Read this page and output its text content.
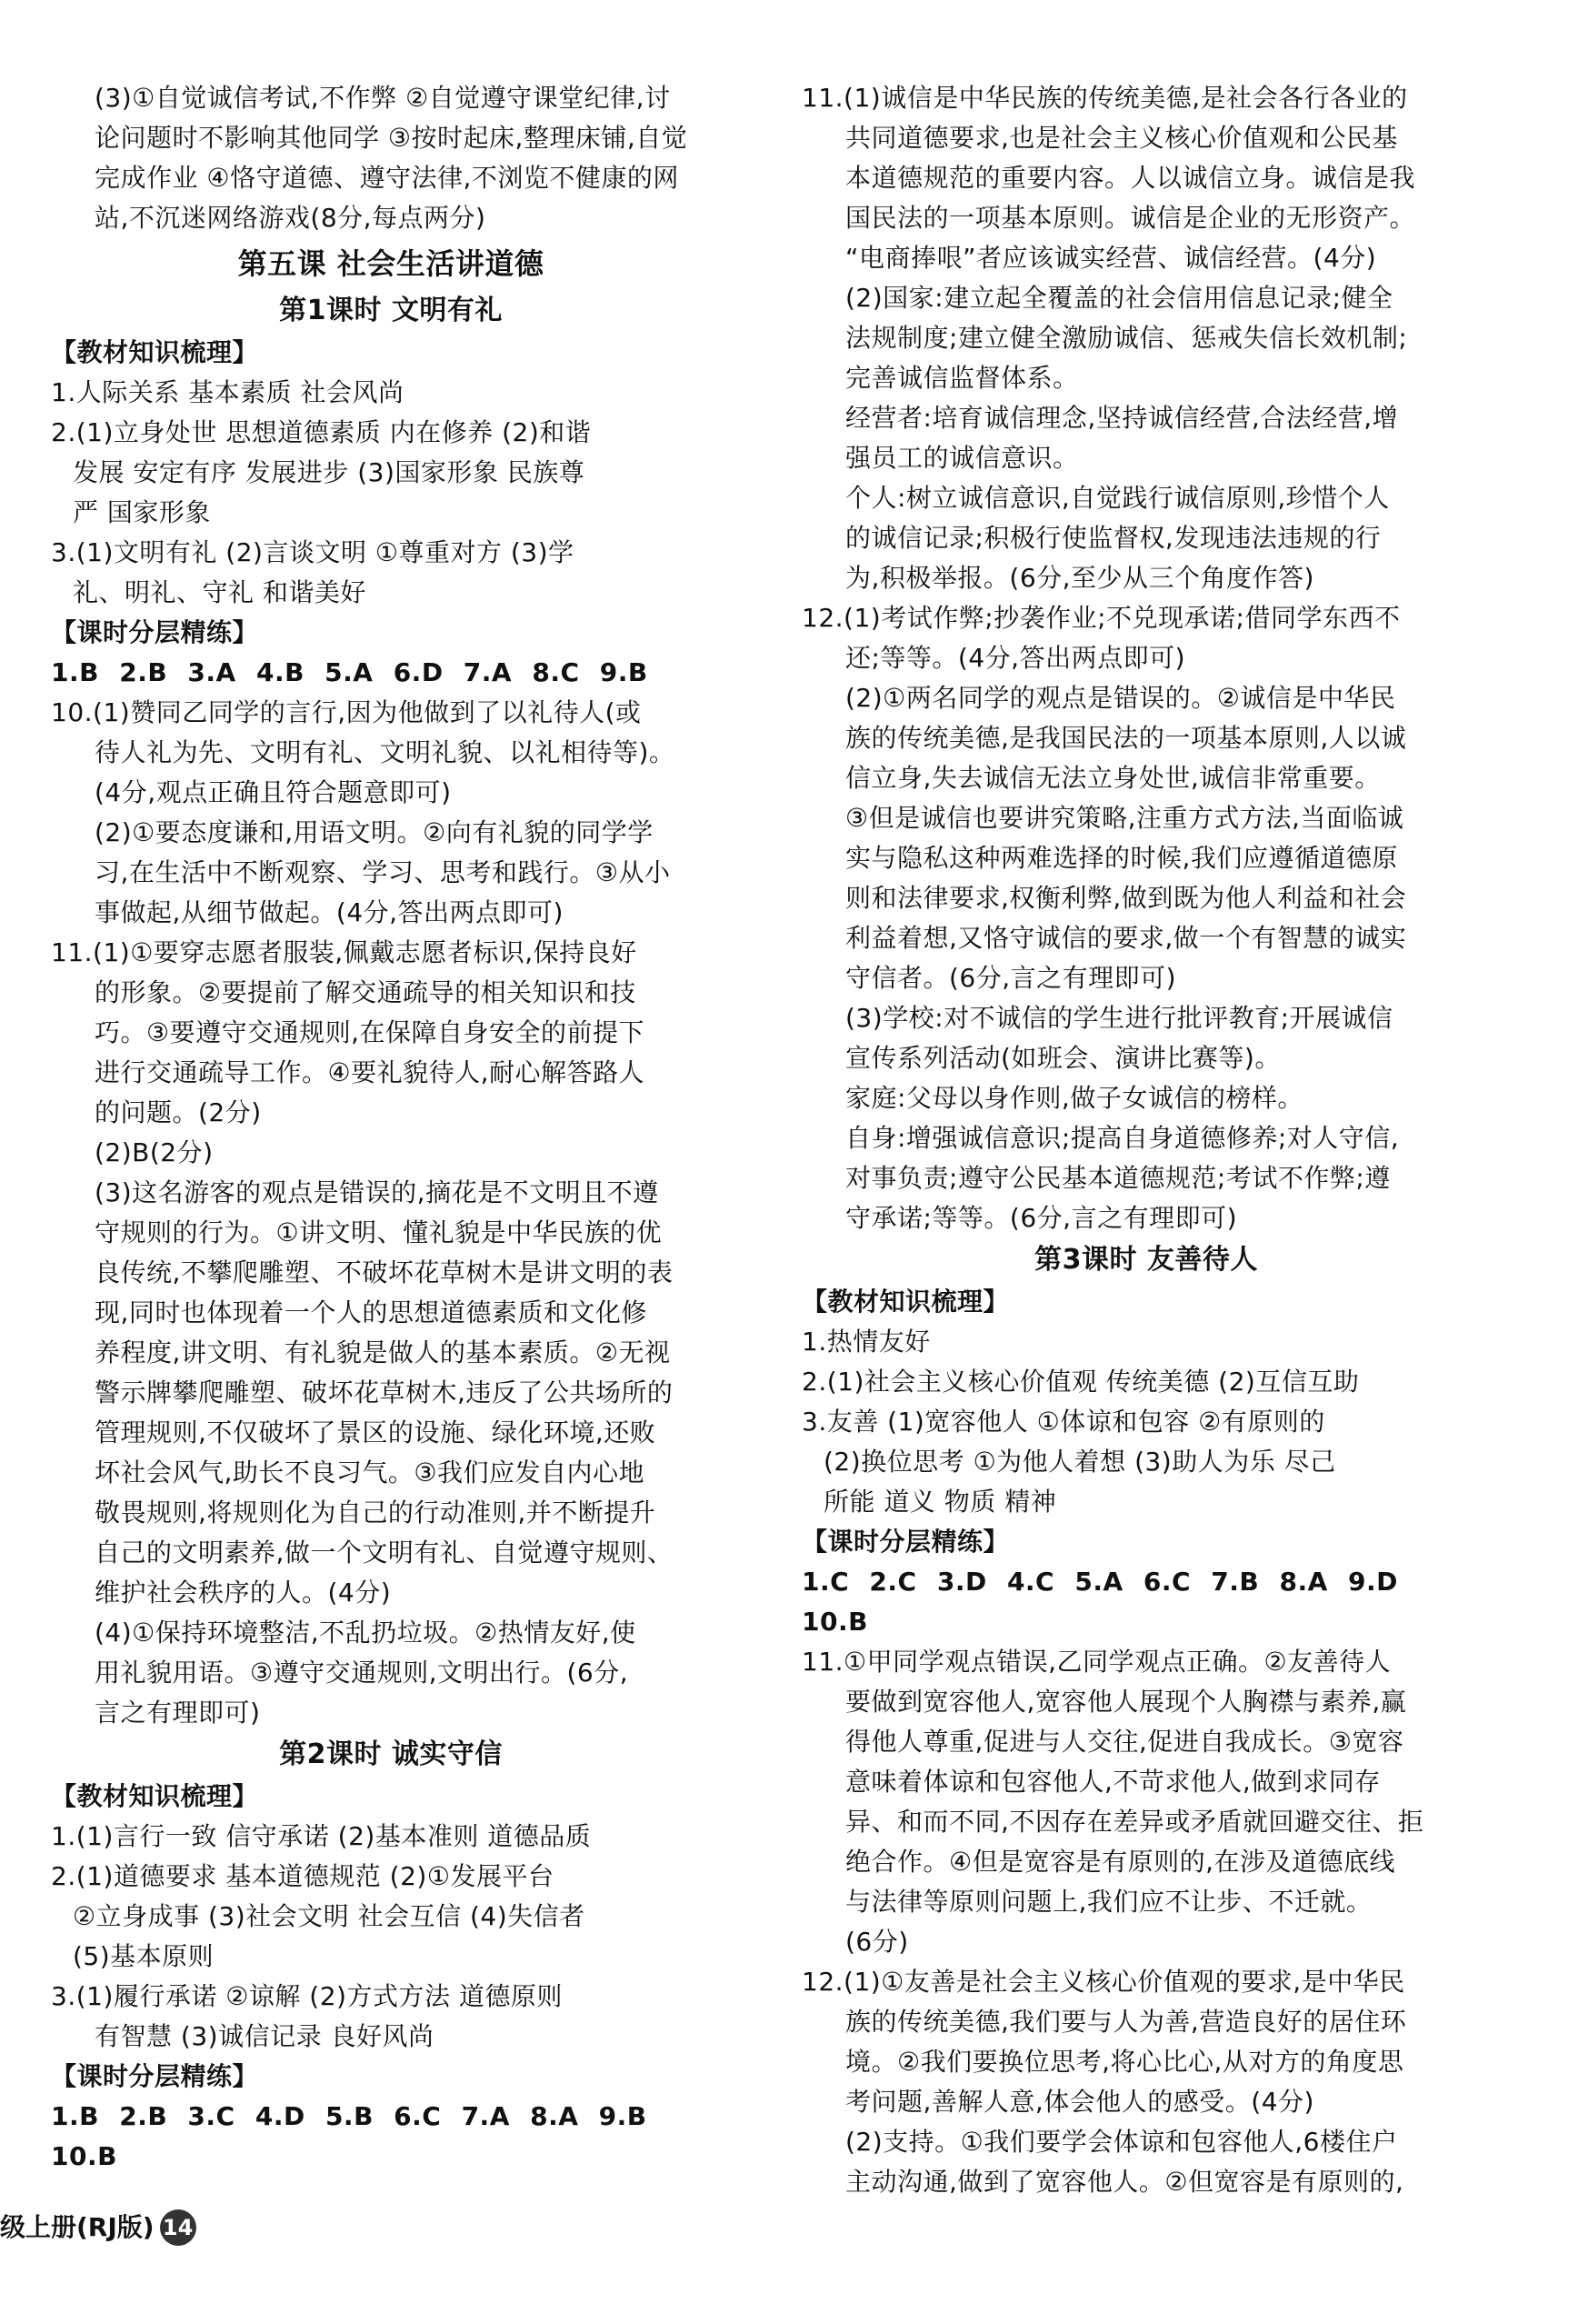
(3)①自觉诚信考试,不作弊 ②自觉遵守课堂纪律,讨
论问题时不影响其他同学 ③按时起床,整理床铺,自觉
完成作业 ④恪守道德、遵守法律,不浏览不健康的网
站,不沉迷网络游戏(8分,每点两分)
第五课 社会生活讲道德
第1课时 文明有礼
【教材知识梳理】
1.人际关系 基本素质 社会风尚
2.(1)立身处世 思想道德素质 内在修养 (2)和谐
发展 安定有序 发展进步 (3)国家形象 民族尊
严 国家形象
3.(1)文明有礼 (2)言谈文明 ①尊重对方 (3)学
礼、明礼、守礼 和谐美好
【课时分层精练】
1.B 2.B 3.A 4.B 5.A 6.D 7.A 8.C 9.B
10.(1)赞同乙同学的言行,因为他做到了以礼待人(或
待人礼为先、文明有礼、文明礼貌、以礼相待等)。
(4分,观点正确且符合题意即可)
(2)①要态度谦和,用语文明。②向有礼貌的同学学
习,在生活中不断观察、学习、思考和践行。③从小
事做起,从细节做起。(4分,答出两点即可)
11.(1)①要穿志愿者服装,佩戴志愿者标识,保持良好
的形象。②要提前了解交通疏导的相关知识和技
巧。③要遵守交通规则,在保障自身安全的前提下
进行交通疏导工作。④要礼貌待人,耐心解答路人
的问题。(2分)
(2)B(2分)
(3)这名游客的观点是错误的,摘花是不文明且不遵
守规则的行为。①讲文明、懂礼貌是中华民族的优
良传统,不攀爬雕塑、不破坏花草树木是讲文明的表
现,同时也体现着一个人的思想道德素质和文化修
养程度,讲文明、有礼貌是做人的基本素质。②无视
警示牌攀爬雕塑、破坏花草树木,违反了公共场所的
管理规则,不仅破坏了景区的设施、绿化环境,还败
坏社会风气,助长不良习气。③我们应发自内心地
敬畏规则,将规则化为自己的行动准则,并不断提升
自己的文明素养,做一个文明有礼、自觉遵守规则、
维护社会秩序的人。(4分)
(4)①保持环境整洁,不乱扔垃圾。②热情友好,使
用礼貌用语。③遵守交通规则,文明出行。(6分,
言之有理即可)
第2课时 诚实守信
【教材知识梳理】
1.(1)言行一致 信守承诺 (2)基本准则 道德品质
2.(1)道德要求 基本道德规范 (2)①发展平台
②立身成事 (3)社会文明 社会互信 (4)失信者
(5)基本原则
3.(1)履行承诺 ②谅解 (2)方式方法 道德原则
有智慧 (3)诚信记录 良好风尚
【课时分层精练】
1.B 2.B 3.C 4.D 5.B 6.C 7.A 8.A 9.B
10.B
11.(1)诚信是中华民族的传统美德,是社会各行各业的
共同道德要求,也是社会主义核心价值观和公民基
本道德规范的重要内容。人以诚信立身。诚信是我
国民法的一项基本原则。诚信是企业的无形资产。
“电商捧哏”者应该诚实经营、诚信经营。(4分)
(2)国家:建立起全覆盖的社会信用信息记录;健全
法规制度;建立健全激励诚信、惩戒失信长效机制;
完善诚信监督体系。
经营者:培育诚信理念,坚持诚信经营,合法经营,增
强员工的诚信意识。
个人:树立诚信意识,自觉践行诚信原则,珍惜个人
的诚信记录;积极行使监督权,发现违法违规的行
为,积极举报。(6分,至少从三个角度作答)
12.(1)考试作弊;抄袭作业;不兑现承诺;借同学东西不
还;等等。(4分,答出两点即可)
(2)①两名同学的观点是错误的。②诚信是中华民
族的传统美德,是我国民法的一项基本原则,人以诚
信立身,失去诚信无法立身处世,诚信非常重要。
③但是诚信也要讲究策略,注重方式方法,当面临诚
实与隐私这种两难选择的时候,我们应遵循道德原
则和法律要求,权衡利弊,做到既为他人利益和社会
利益着想,又恪守诚信的要求,做一个有智慧的诚实
守信者。(6分,言之有理即可)
(3)学校:对不诚信的学生进行批评教育;开展诚信
宣传系列活动(如班会、演讲比赛等)。
家庭:父母以身作则,做子女诚信的榜样。
自身:增强诚信意识;提高自身道德修养;对人守信,
对事负责;遵守公民基本道德规范;考试不作弊;遵
守承诺;等等。(6分,言之有理即可)
第3课时 友善待人
【教材知识梳理】
1.热情友好
2.(1)社会主义核心价值观 传统美德 (2)互信互助
3.友善 (1)宽容他人 ①体谅和包容 ②有原则的
(2)换位思考 ①为他人着想 (3)助人为乐 尽己
所能 道义 物质 精神
【课时分层精练】
1.C 2.C 3.D 4.C 5.A 6.C 7.B 8.A 9.D
10.B
11.①甲同学观点错误,乙同学观点正确。②友善待人
要做到宽容他人,宽容他人展现个人胸襟与素养,赢
得他人尊重,促进与人交往,促进自我成长。③宽容
意味着体谅和包容他人,不苛求他人,做到求同存
异、和而不同,不因存在差异或矛盾就回避交往、拒
绝合作。④但是宽容是有原则的,在涉及道德底线
与法律等原则问题上,我们应不让步、不迁就。
(6分)
12.(1)①友善是社会主义核心价值观的要求,是中华民
族的传统美德,我们要与人为善,营造良好的居住环
境。②我们要换位思考,将心比心,从对方的角度思
考问题,善解人意,体会他人的感受。(4分)
(2)支持。①我们要学会体谅和包容他人,6楼住户
主动沟通,做到了宽容他人。②但宽容是有原则的,
级上册(RJ版) 14
